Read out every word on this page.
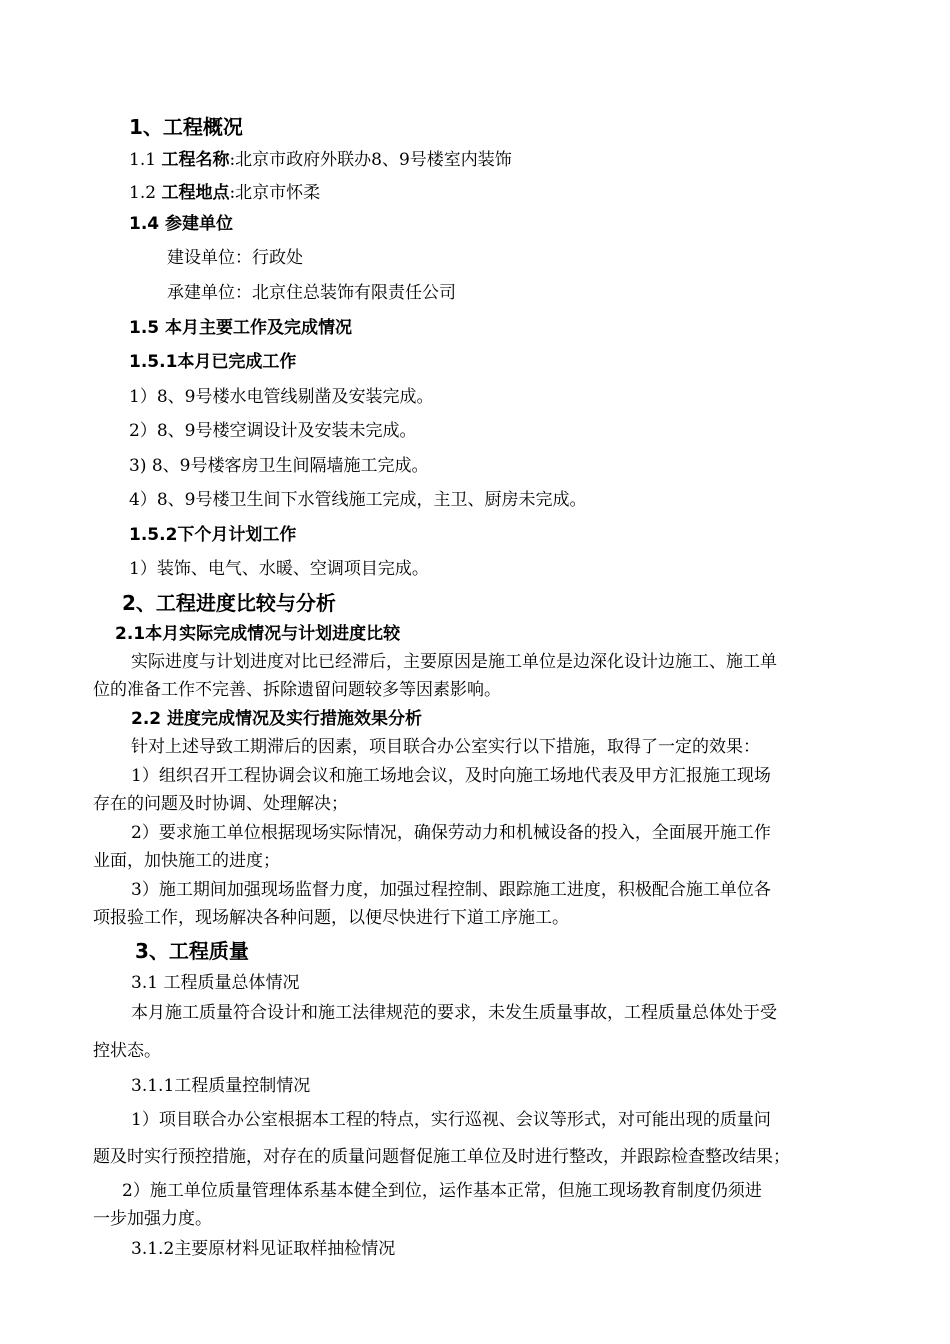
1、工程概况
1.1 工程名称:北京市政府外联办8、9号楼室内装饰
1.2 工程地点:北京市怀柔
1.4 参建单位
建设单位：行政处
承建单位：北京住总装饰有限责任公司
1.5 本月主要工作及完成情况
1.5.1本月已完成工作
1）8、9号楼水电管线剔凿及安装完成。
2）8、9号楼空调设计及安装未完成。
3) 8、9号楼客房卫生间隔墙施工完成。
4）8、9号楼卫生间下水管线施工完成，主卫、厨房未完成。
1.5.2下个月计划工作
1）装饰、电气、水暖、空调项目完成。
2、工程进度比较与分析
2.1本月实际完成情况与计划进度比较
实际进度与计划进度对比已经滞后，主要原因是施工单位是边深化设计边施工、施工单
位的准备工作不完善、拆除遗留问题较多等因素影响。
2.2 进度完成情况及实行措施效果分析
针对上述导致工期滞后的因素，项目联合办公室实行以下措施，取得了一定的效果：
1）组织召开工程协调会议和施工场地会议，及时向施工场地代表及甲方汇报施工现场
存在的问题及时协调、处理解决；
2）要求施工单位根据现场实际情况，确保劳动力和机械设备的投入，全面展开施工作
业面，加快施工的进度；
3）施工期间加强现场监督力度，加强过程控制、跟踪施工进度，积极配合施工单位各
项报验工作，现场解决各种问题，以便尽快进行下道工序施工。
3、工程质量
3.1 工程质量总体情况
本月施工质量符合设计和施工法律规范的要求，未发生质量事故，工程质量总体处于受
控状态。
3.1.1工程质量控制情况
1）项目联合办公室根据本工程的特点，实行巡视、会议等形式，对可能出现的质量问
题及时实行预控措施，对存在的质量问题督促施工单位及时进行整改，并跟踪检查整改结果；
2）施工单位质量管理体系基本健全到位，运作基本正常，但施工现场教育制度仍须进
一步加强力度。
3.1.2主要原材料见证取样抽检情况
